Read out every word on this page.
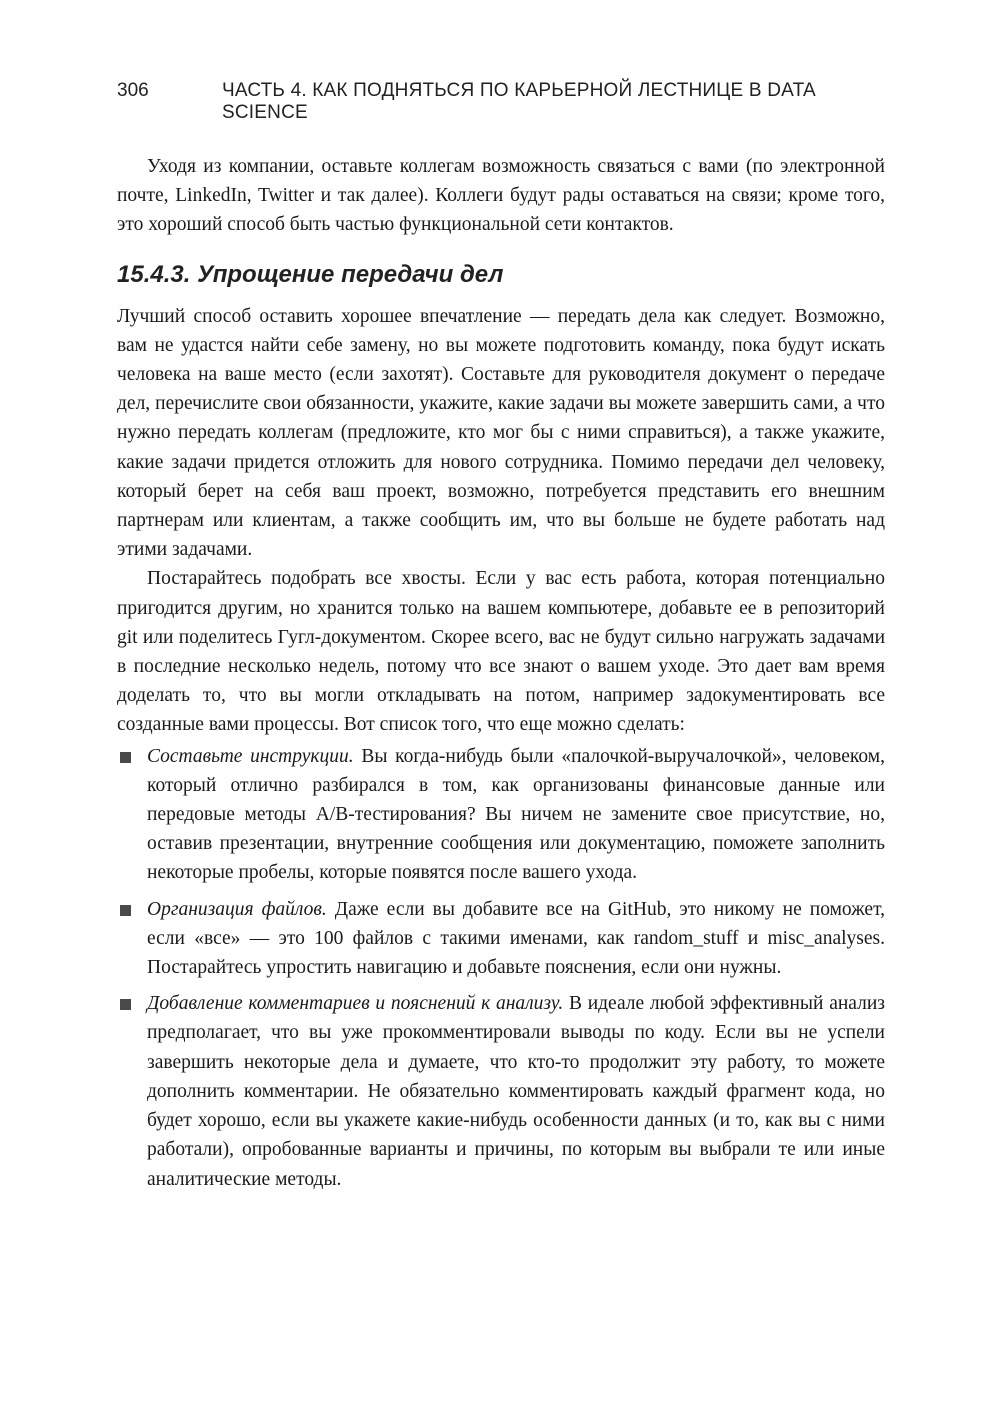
306	ЧАСТЬ 4. КАК ПОДНЯТЬСЯ ПО КАРЬЕРНОЙ ЛЕСТНИЦЕ В DATA SCIENCE

Уходя из компании, оставьте коллегам возможность связаться с вами (по электронной почте, LinkedIn, Twitter и так далее). Коллеги будут рады оставаться на связи; кроме того, это хороший способ быть частью функциональной сети контактов.

15.4.3. Упрощение передачи дел

Лучший способ оставить хорошее впечатление — передать дела как следует. Возможно, вам не удастся найти себе замену, но вы можете подготовить команду, пока будут искать человека на ваше место (если захотят). Составьте для руководителя документ о передаче дел, перечислите свои обязанности, укажите, какие задачи вы можете завершить сами, а что нужно передать коллегам (предложите, кто мог бы с ними справиться), а также укажите, какие задачи придется отложить для нового сотрудника. Помимо передачи дел человеку, который берет на себя ваш проект, возможно, потребуется представить его внешним партнерам или клиентам, а также сообщить им, что вы больше не будете работать над этими задачами.

Постарайтесь подобрать все хвосты. Если у вас есть работа, которая потенциально пригодится другим, но хранится только на вашем компьютере, добавьте ее в репозиторий git или поделитесь Гугл-документом. Скорее всего, вас не будут сильно нагружать задачами в последние несколько недель, потому что все знают о вашем уходе. Это дает вам время доделать то, что вы могли откладывать на потом, например задокументировать все созданные вами процессы. Вот список того, что еще можно сделать:

Составьте инструкции. Вы когда-нибудь были «палочкой-выручалочкой», человеком, который отлично разбирался в том, как организованы финансовые данные или передовые методы A/B-тестирования? Вы ничем не замените свое присутствие, но, оставив презентации, внутренние сообщения или документацию, поможете заполнить некоторые пробелы, которые появятся после вашего ухода.
Организация файлов. Даже если вы добавите все на GitHub, это никому не поможет, если «все» — это 100 файлов с такими именами, как random_stuff и misc_analyses. Постарайтесь упростить навигацию и добавьте пояснения, если они нужны.
Добавление комментариев и пояснений к анализу. В идеале любой эффективный анализ предполагает, что вы уже прокомментировали выводы по коду. Если вы не успели завершить некоторые дела и думаете, что кто-то продолжит эту работу, то можете дополнить комментарии. Не обязательно комментировать каждый фрагмент кода, но будет хорошо, если вы укажете какие-нибудь особенности данных (и то, как вы с ними работали), опробованные варианты и причины, по которым вы выбрали те или иные аналитические методы.
